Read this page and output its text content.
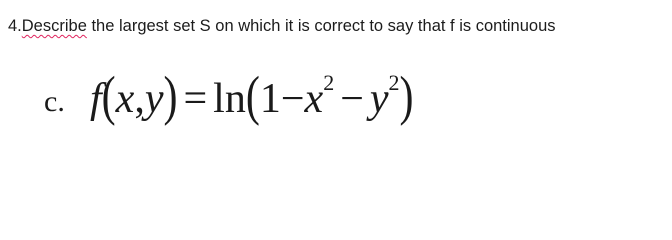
4.Describe the largest set S on which it is correct to say that f is continuous
c. $f(x,y) = \ln(1-x^2 - y^2)$
